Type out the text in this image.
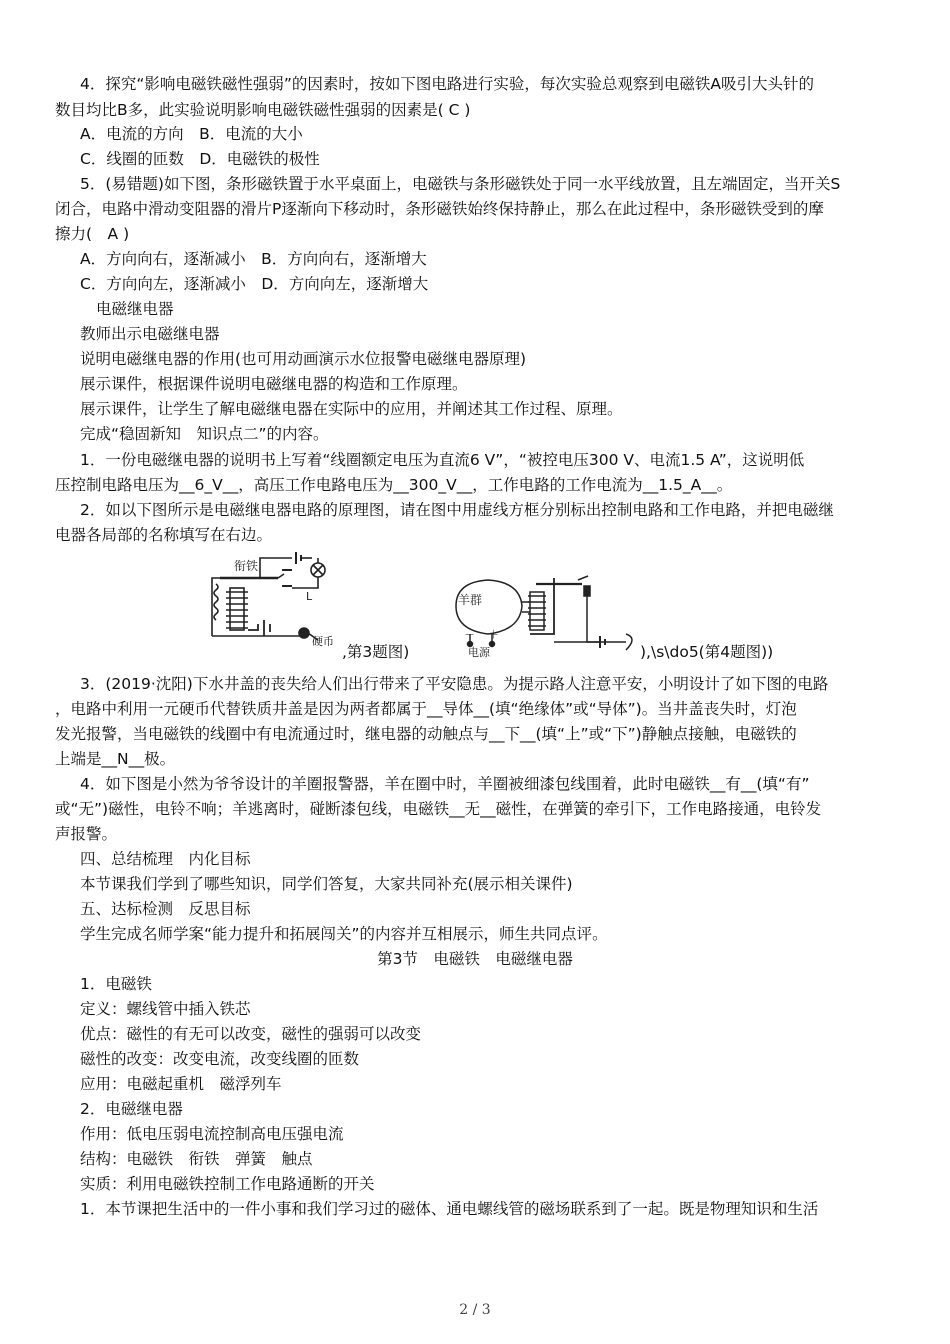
4．探究“影响电磁铁磁性强弱”的因素时，按如下图电路进行实验，每次实验总观察到电磁铁A吸引大头针的
数目均比B多，此实验说明影响电磁铁磁性强弱的因素是( C )
A．电流的方向　B．电流的大小
C．线圈的匝数　D．电磁铁的极性
5．(易错题)如下图，条形磁铁置于水平桌面上，电磁铁与条形磁铁处于同一水平线放置，且左端固定，当开关S
闭合，电路中滑动变阻器的滑片P逐渐向下移动时，条形磁铁始终保持静止，那么在此过程中，条形磁铁受到的摩
擦力(　A )
A．方向向右，逐渐减小　B．方向向右，逐渐增大
C．方向向左，逐渐减小　D．方向向左，逐渐增大
电磁继电器
教师出示电磁继电器
说明电磁继电器的作用(也可用动画演示水位报警电磁继电器原理)
展示课件，根据课件说明电磁继电器的构造和工作原理。
展示课件，让学生了解电磁继电器在实际中的应用，并阐述其工作过程、原理。
完成“稳固新知　知识点二”的内容。
1．一份电磁继电器的说明书上写着“线圈额定电压为直流6 V”，“被控电压300 V、电流1.5 A”，这说明低
压控制电路电压为__6_V__，高压工作电路电压为__300_V__，工作电路的工作电流为__1.5_A__。
2．如以下图所示是电磁继电器电路的原理图，请在图中用虚线方框分别标出控制电路和工作电路，并把电磁继
电器各局部的名称填写在右边。
衔铁
L
硬币
,第3题图)
羊群
－ ＋
电源	),\s\do5(第4题图))
3．(2019·沈阳)下水井盖的丧失给人们出行带来了平安隐患。为提示路人注意平安，小明设计了如下图的电路
，电路中利用一元硬币代替铁质井盖是因为两者都属于__导体__(填“绝缘体”或“导体”)。当井盖丧失时，灯泡
发光报警，当电磁铁的线圈中有电流通过时，继电器的动触点与__下__(填“上”或“下”)静触点接触，电磁铁的
上端是__N__极。
4．如下图是小然为爷爷设计的羊圈报警器，羊在圈中时，羊圈被细漆包线围着，此时电磁铁__有__(填“有”
或“无”)磁性，电铃不响；羊逃离时，碰断漆包线，电磁铁__无__磁性，在弹簧的牵引下，工作电路接通，电铃发
声报警。
四、总结梳理　内化目标
本节课我们学到了哪些知识，同学们答复，大家共同补充(展示相关课件)
五、达标检测　反思目标
学生完成名师学案“能力提升和拓展闯关”的内容并互相展示，师生共同点评。
第3节　电磁铁　电磁继电器
1．电磁铁
定义：螺线管中插入铁芯
优点：磁性的有无可以改变，磁性的强弱可以改变
磁性的改变：改变电流，改变线圈的匝数
应用：电磁起重机　磁浮列车
2．电磁继电器
作用：低电压弱电流控制高电压强电流
结构：电磁铁　衔铁　弹簧　触点
实质：利用电磁铁控制工作电路通断的开关
1．本节课把生活中的一件小事和我们学习过的磁体、通电螺线管的磁场联系到了一起。既是物理知识和生活
2 / 3
